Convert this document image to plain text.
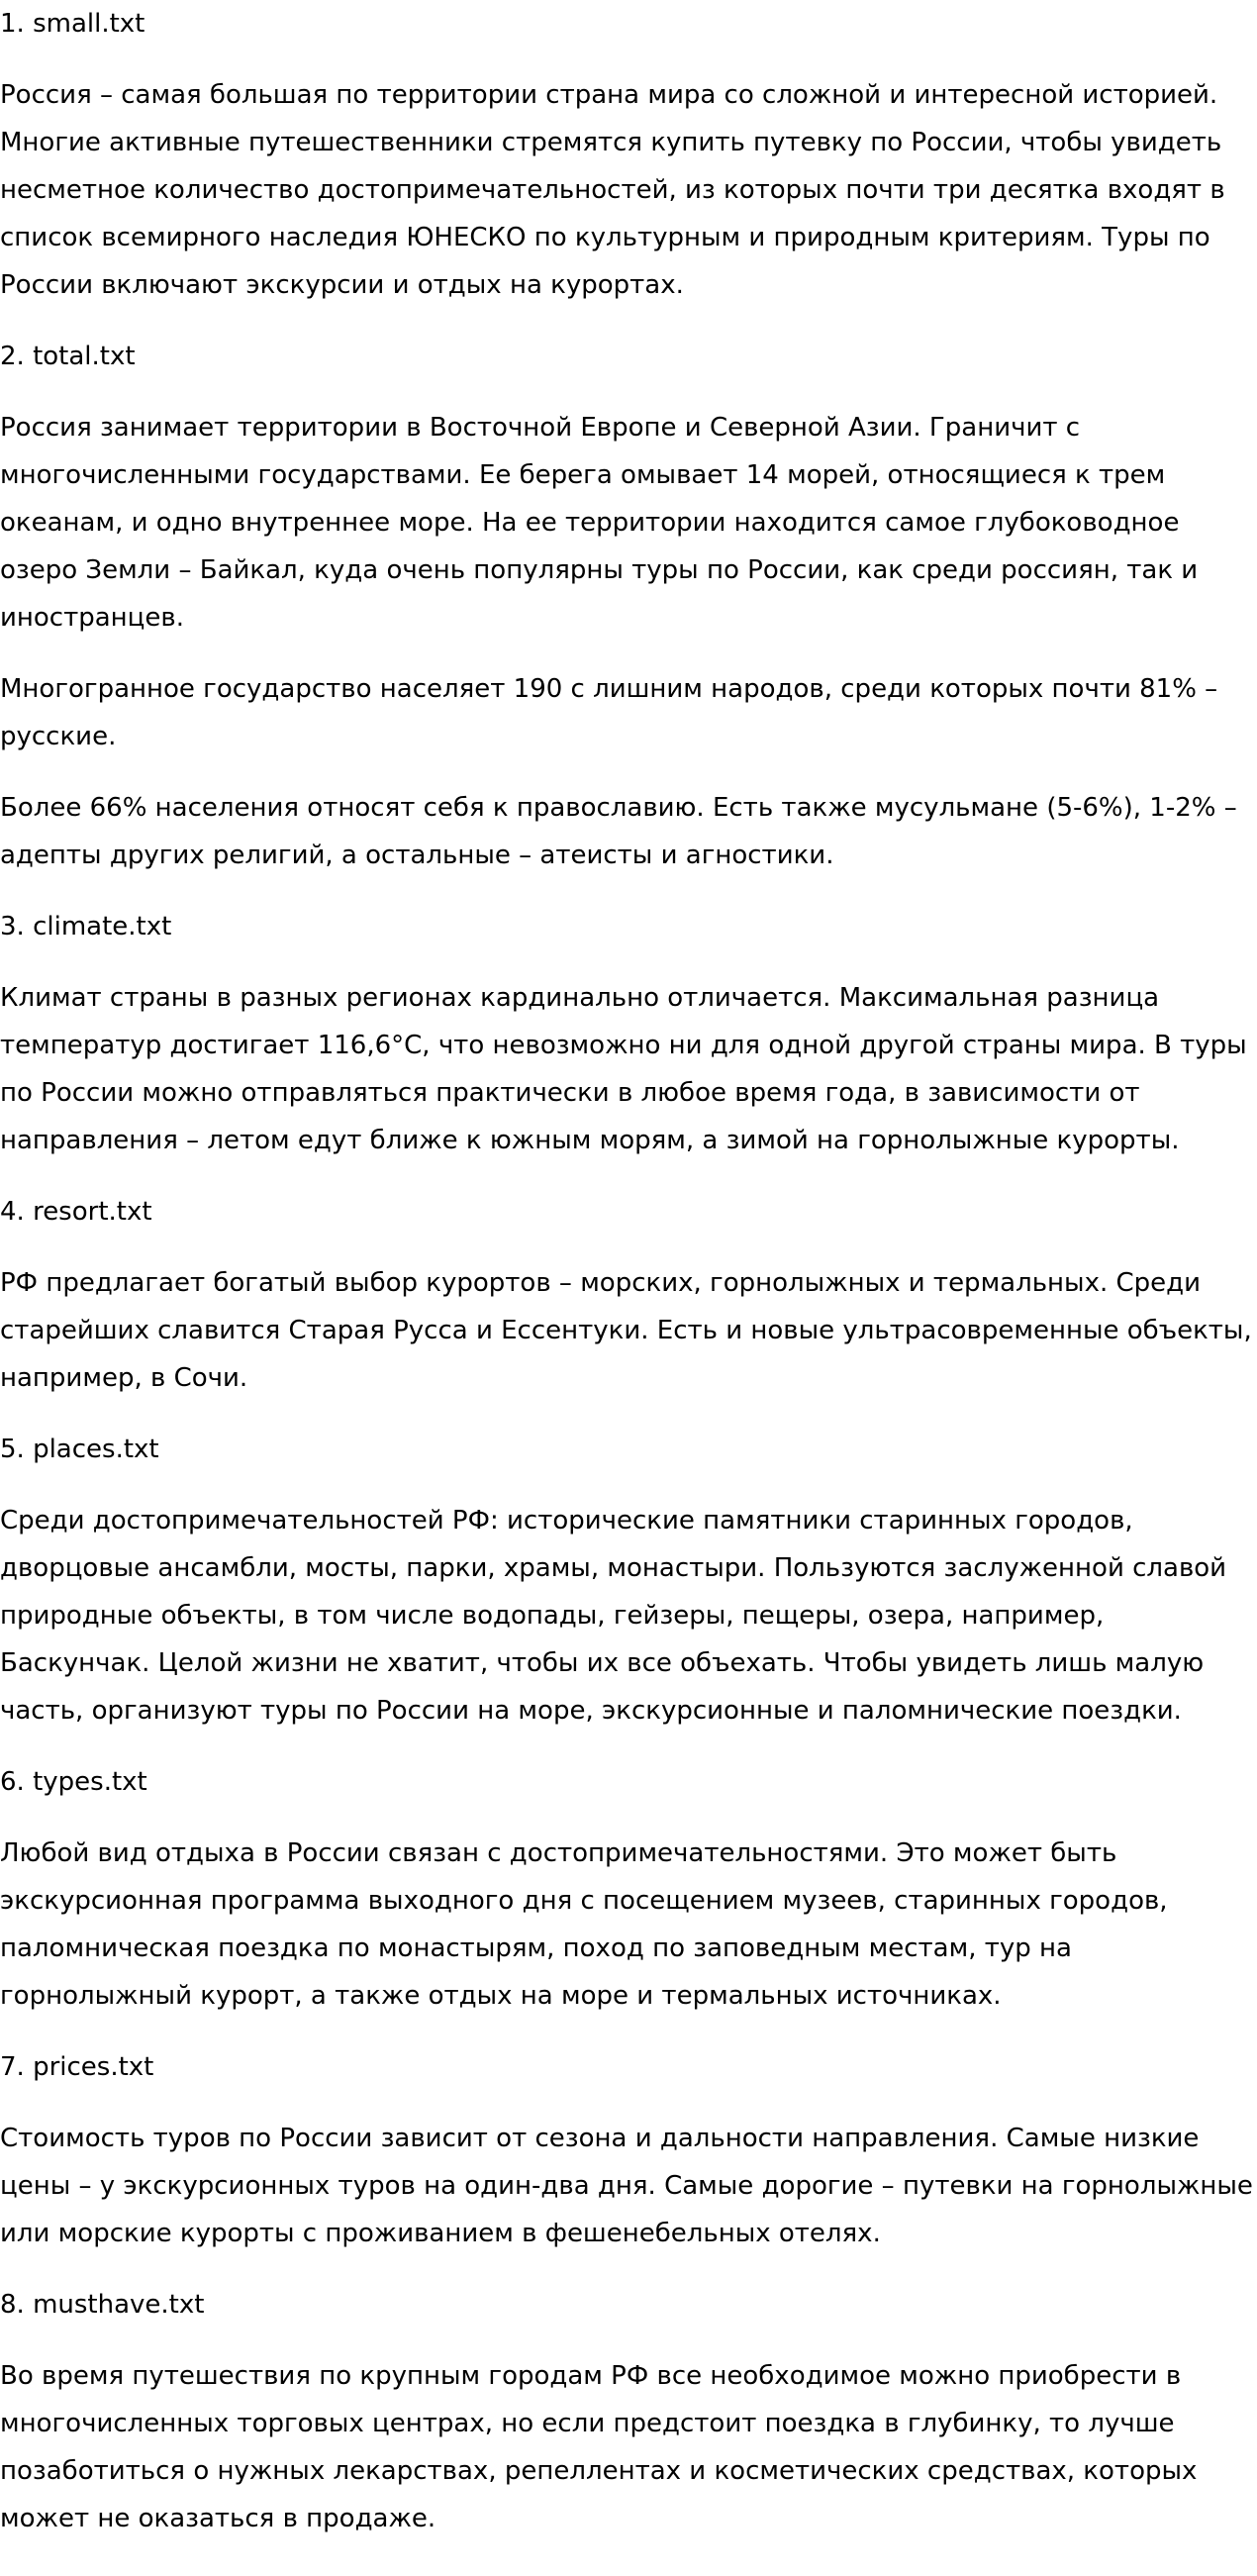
1. small.txt
Россия – самая большая по территории страна мира со сложной и интересной историей.
Многие активные путешественники стремятся купить путевку по России, чтобы увидеть
несметное количество достопримечательностей, из которых почти три десятка входят в
список всемирного наследия ЮНЕСКО по культурным и природным критериям. Туры по
России включают экскурсии и отдых на курортах.
2. total.txt
Россия занимает территории в Восточной Европе и Северной Азии. Граничит с
многочисленными государствами. Ее берега омывает 14 морей, относящиеся к трем
океанам, и одно внутреннее море. На ее территории находится самое глубоководное
озеро Земли – Байкал, куда очень популярны туры по России, как среди россиян, так и
иностранцев.
Многогранное государство населяет 190 с лишним народов, среди которых почти 81% –
русские.
Более 66% населения относят себя к православию. Есть также мусульмане (5-6%), 1-2% –
адепты других религий, а остальные – атеисты и агностики.
3. climate.txt
Климат страны в разных регионах кардинально отличается. Максимальная разница
температур достигает 116,6°C, что невозможно ни для одной другой страны мира. В туры
по России можно отправляться практически в любое время года, в зависимости от
направления – летом едут ближе к южным морям, а зимой на горнолыжные курорты.
4. resort.txt
РФ предлагает богатый выбор курортов – морских, горнолыжных и термальных. Среди
старейших славится Старая Русса и Ессентуки. Есть и новые ультрасовременные объекты,
например, в Сочи.
5. places.txt
Среди достопримечательностей РФ: исторические памятники старинных городов,
дворцовые ансамбли, мосты, парки, храмы, монастыри. Пользуются заслуженной славой
природные объекты, в том числе водопады, гейзеры, пещеры, озера, например,
Баскунчак. Целой жизни не хватит, чтобы их все объехать. Чтобы увидеть лишь малую
часть, организуют туры по России на море, экскурсионные и паломнические поездки.
6. types.txt
Любой вид отдыха в России связан с достопримечательностями. Это может быть
экскурсионная программа выходного дня с посещением музеев, старинных городов,
паломническая поездка по монастырям, поход по заповедным местам, тур на
горнолыжный курорт, а также отдых на море и термальных источниках.
7. prices.txt
Стоимость туров по России зависит от сезона и дальности направления. Самые низкие
цены – у экскурсионных туров на один-два дня. Самые дорогие – путевки на горнолыжные
или морские курорты с проживанием в фешенебельных отелях.
8. musthave.txt
Во время путешествия по крупным городам РФ все необходимое можно приобрести в
многочисленных торговых центрах, но если предстоит поездка в глубинку, то лучше
позаботиться о нужных лекарствах, репеллентах и косметических средствах, которых
может не оказаться в продаже.
